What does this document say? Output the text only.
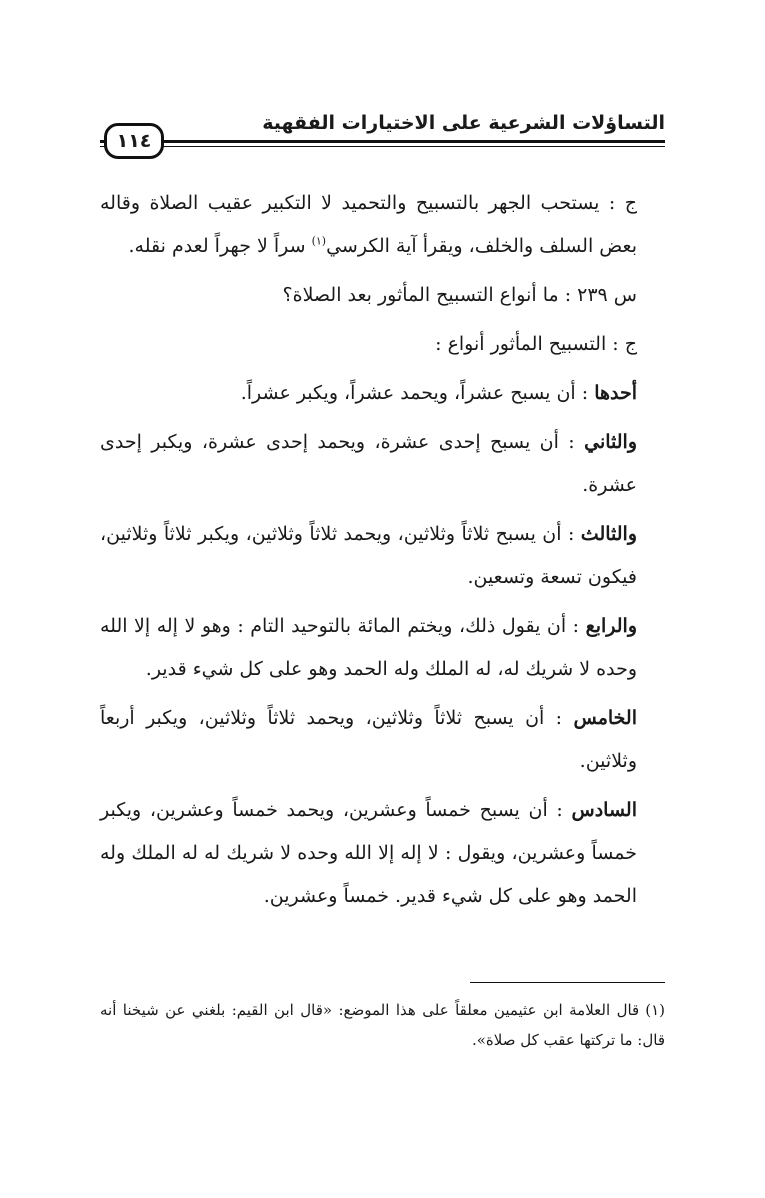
التساؤلات الشرعية على الاختيارات الفقهية
١١٤

ج : يستحب الجهر بالتسبيح والتحميد لا التكبير عقيب الصلاة وقاله بعض السلف والخلف، ويقرأ آية الكرسي$^{(١)}$ سراً لا جهراً لعدم نقله.

س ٢٣٩ : ما أنواع التسبيح المأثور بعد الصلاة؟

ج : التسبيح المأثور أنواع :

أحدها : أن يسبح عشراً، ويحمد عشراً، ويكبر عشراً.

والثاني : أن يسبح إحدى عشرة، ويحمد إحدى عشرة، ويكبر إحدى عشرة.

والثالث : أن يسبح ثلاثاً وثلاثين، ويحمد ثلاثاً وثلاثين، ويكبر ثلاثاً وثلاثين، فيكون تسعة وتسعين.

والرابع : أن يقول ذلك، ويختم المائة بالتوحيد التام : وهو لا إله إلا الله وحده لا شريك له، له الملك وله الحمد وهو على كل شيء قدير.

الخامس : أن يسبح ثلاثاً وثلاثين، ويحمد ثلاثاً وثلاثين، ويكبر أربعاً وثلاثين.

السادس : أن يسبح خمساً وعشرين، ويحمد خمساً وعشرين، ويكبر خمساً وعشرين، ويقول : لا إله إلا الله وحده لا شريك له له الملك وله الحمد وهو على كل شيء قدير. خمساً وعشرين.

(١)قال العلامة ابن عثيمين معلقاً على هذا الموضع: «قال ابن القيم: بلغني عن شيخنا أنه قال: ما تركتها عقب كل صلاة».
